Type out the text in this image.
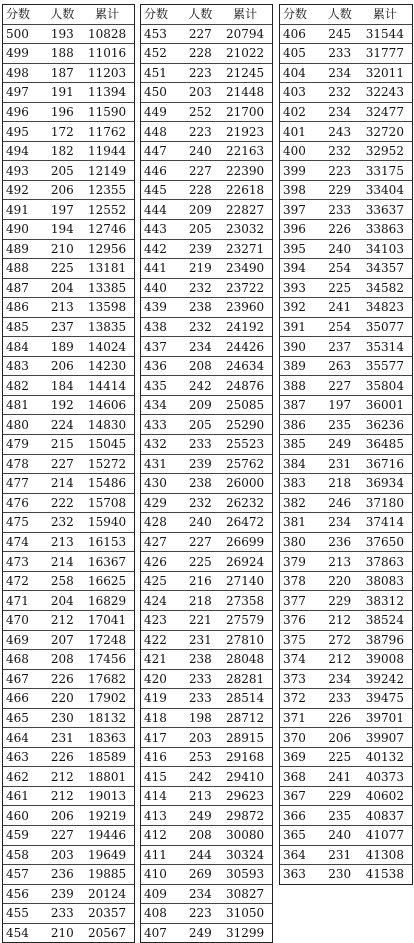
分数	人数	累计
500	193	10828
499	188	11016
498	187	11203
497	191	11394
496	196	11590
495	172	11762
494	182	11944
493	205	12149
492	206	12355
491	197	12552
490	194	12746
489	210	12956
488	225	13181
487	204	13385
486	213	13598
485	237	13835
484	189	14024
483	206	14230
482	184	14414
481	192	14606
480	224	14830
479	215	15045
478	227	15272
477	214	15486
476	222	15708
475	232	15940
474	213	16153
473	214	16367
472	258	16625
471	204	16829
470	212	17041
469	207	17248
468	208	17456
467	226	17682
466	220	17902
465	230	18132
464	231	18363
463	226	18589
462	212	18801
461	212	19013
460	206	19219
459	227	19446
458	203	19649
457	236	19885
456	239	20124
455	233	20357
454	210	20567
分数	人数	累计
453	227	20794
452	228	21022
451	223	21245
450	203	21448
449	252	21700
448	223	21923
447	240	22163
446	227	22390
445	228	22618
444	209	22827
443	205	23032
442	239	23271
441	219	23490
440	232	23722
439	238	23960
438	232	24192
437	234	24426
436	208	24634
435	242	24876
434	209	25085
433	205	25290
432	233	25523
431	239	25762
430	238	26000
429	232	26232
428	240	26472
427	227	26699
426	225	26924
425	216	27140
424	218	27358
423	221	27579
422	231	27810
421	238	28048
420	233	28281
419	233	28514
418	198	28712
417	203	28915
416	253	29168
415	242	29410
414	213	29623
413	249	29872
412	208	30080
411	244	30324
410	269	30593
409	234	30827
408	223	31050
407	249	31299
分数	人数	累计
406	245	31544
405	233	31777
404	234	32011
403	232	32243
402	234	32477
401	243	32720
400	232	32952
399	223	33175
398	229	33404
397	233	33637
396	226	33863
395	240	34103
394	254	34357
393	225	34582
392	241	34823
391	254	35077
390	237	35314
389	263	35577
388	227	35804
387	197	36001
386	235	36236
385	249	36485
384	231	36716
383	218	36934
382	246	37180
381	234	37414
380	236	37650
379	213	37863
378	220	38083
377	229	38312
376	212	38524
375	272	38796
374	212	39008
373	234	39242
372	233	39475
371	226	39701
370	206	39907
369	225	40132
368	241	40373
367	229	40602
366	235	40837
365	240	41077
364	231	41308
363	230	41538
